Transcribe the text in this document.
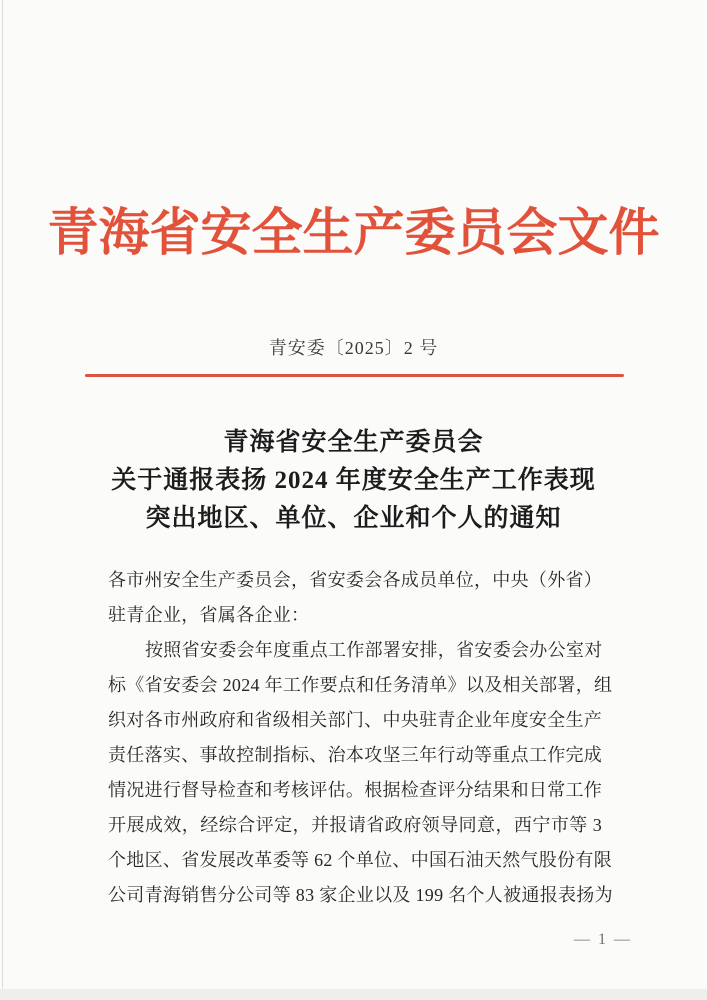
青海省安全生产委员会文件
青安委〔2025〕2 号
青海省安全生产委员会
关于通报表扬 2024 年度安全生产工作表现
突出地区、单位、企业和个人的通知
各市州安全生产委员会，省安委会各成员单位，中央（外省）
驻青企业，省属各企业：
按照省安委会年度重点工作部署安排，省安委会办公室对
标《省安委会 2024 年工作要点和任务清单》以及相关部署，组
织对各市州政府和省级相关部门、中央驻青企业年度安全生产
责任落实、事故控制指标、治本攻坚三年行动等重点工作完成
情况进行督导检查和考核评估。根据检查评分结果和日常工作
开展成效，经综合评定，并报请省政府领导同意，西宁市等 3
个地区、省发展改革委等 62 个单位、中国石油天然气股份有限
公司青海销售分公司等 83 家企业以及 199 名个人被通报表扬为
— 1 —
